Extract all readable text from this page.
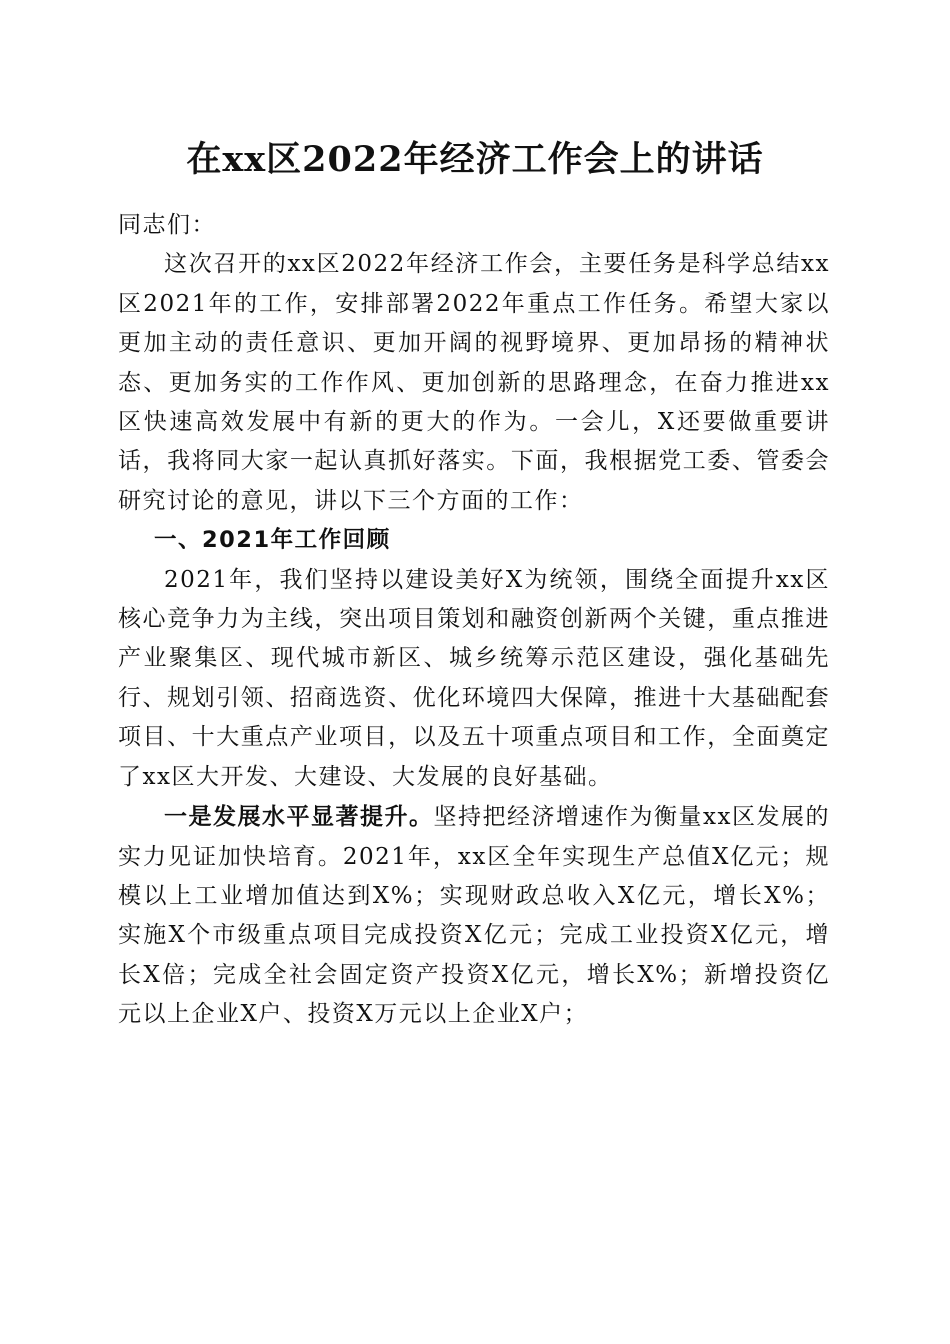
在xx区2022年经济工作会上的讲话

同志们：

这次召开的xx区2022年经济工作会，主要任务是科学总结xx区2021年的工作，安排部署2022年重点工作任务。希望大家以更加主动的责任意识、更加开阔的视野境界、更加昂扬的精神状态、更加务实的工作作风、更加创新的思路理念，在奋力推进xx区快速高效发展中有新的更大的作为。一会儿，X还要做重要讲话，我将同大家一起认真抓好落实。下面，我根据党工委、管委会研究讨论的意见，讲以下三个方面的工作：

一、2021年工作回顾

2021年，我们坚持以建设美好X为统领，围绕全面提升xx区核心竞争力为主线，突出项目策划和融资创新两个关键，重点推进产业聚集区、现代城市新区、城乡统筹示范区建设，强化基础先行、规划引领、招商选资、优化环境四大保障，推进十大基础配套项目、十大重点产业项目，以及五十项重点项目和工作，全面奠定了xx区大开发、大建设、大发展的良好基础。

一是发展水平显著提升。坚持把经济增速作为衡量xx区发展的实力见证加快培育。2021年，xx区全年实现生产总值X亿元；规模以上工业增加值达到X%；实现财政总收入X亿元，增长X%；实施X个市级重点项目完成投资X亿元；完成工业投资X亿元，增长X倍；完成全社会固定资产投资X亿元，增长X%；新增投资亿元以上企业X户、投资X万元以上企业X户；
